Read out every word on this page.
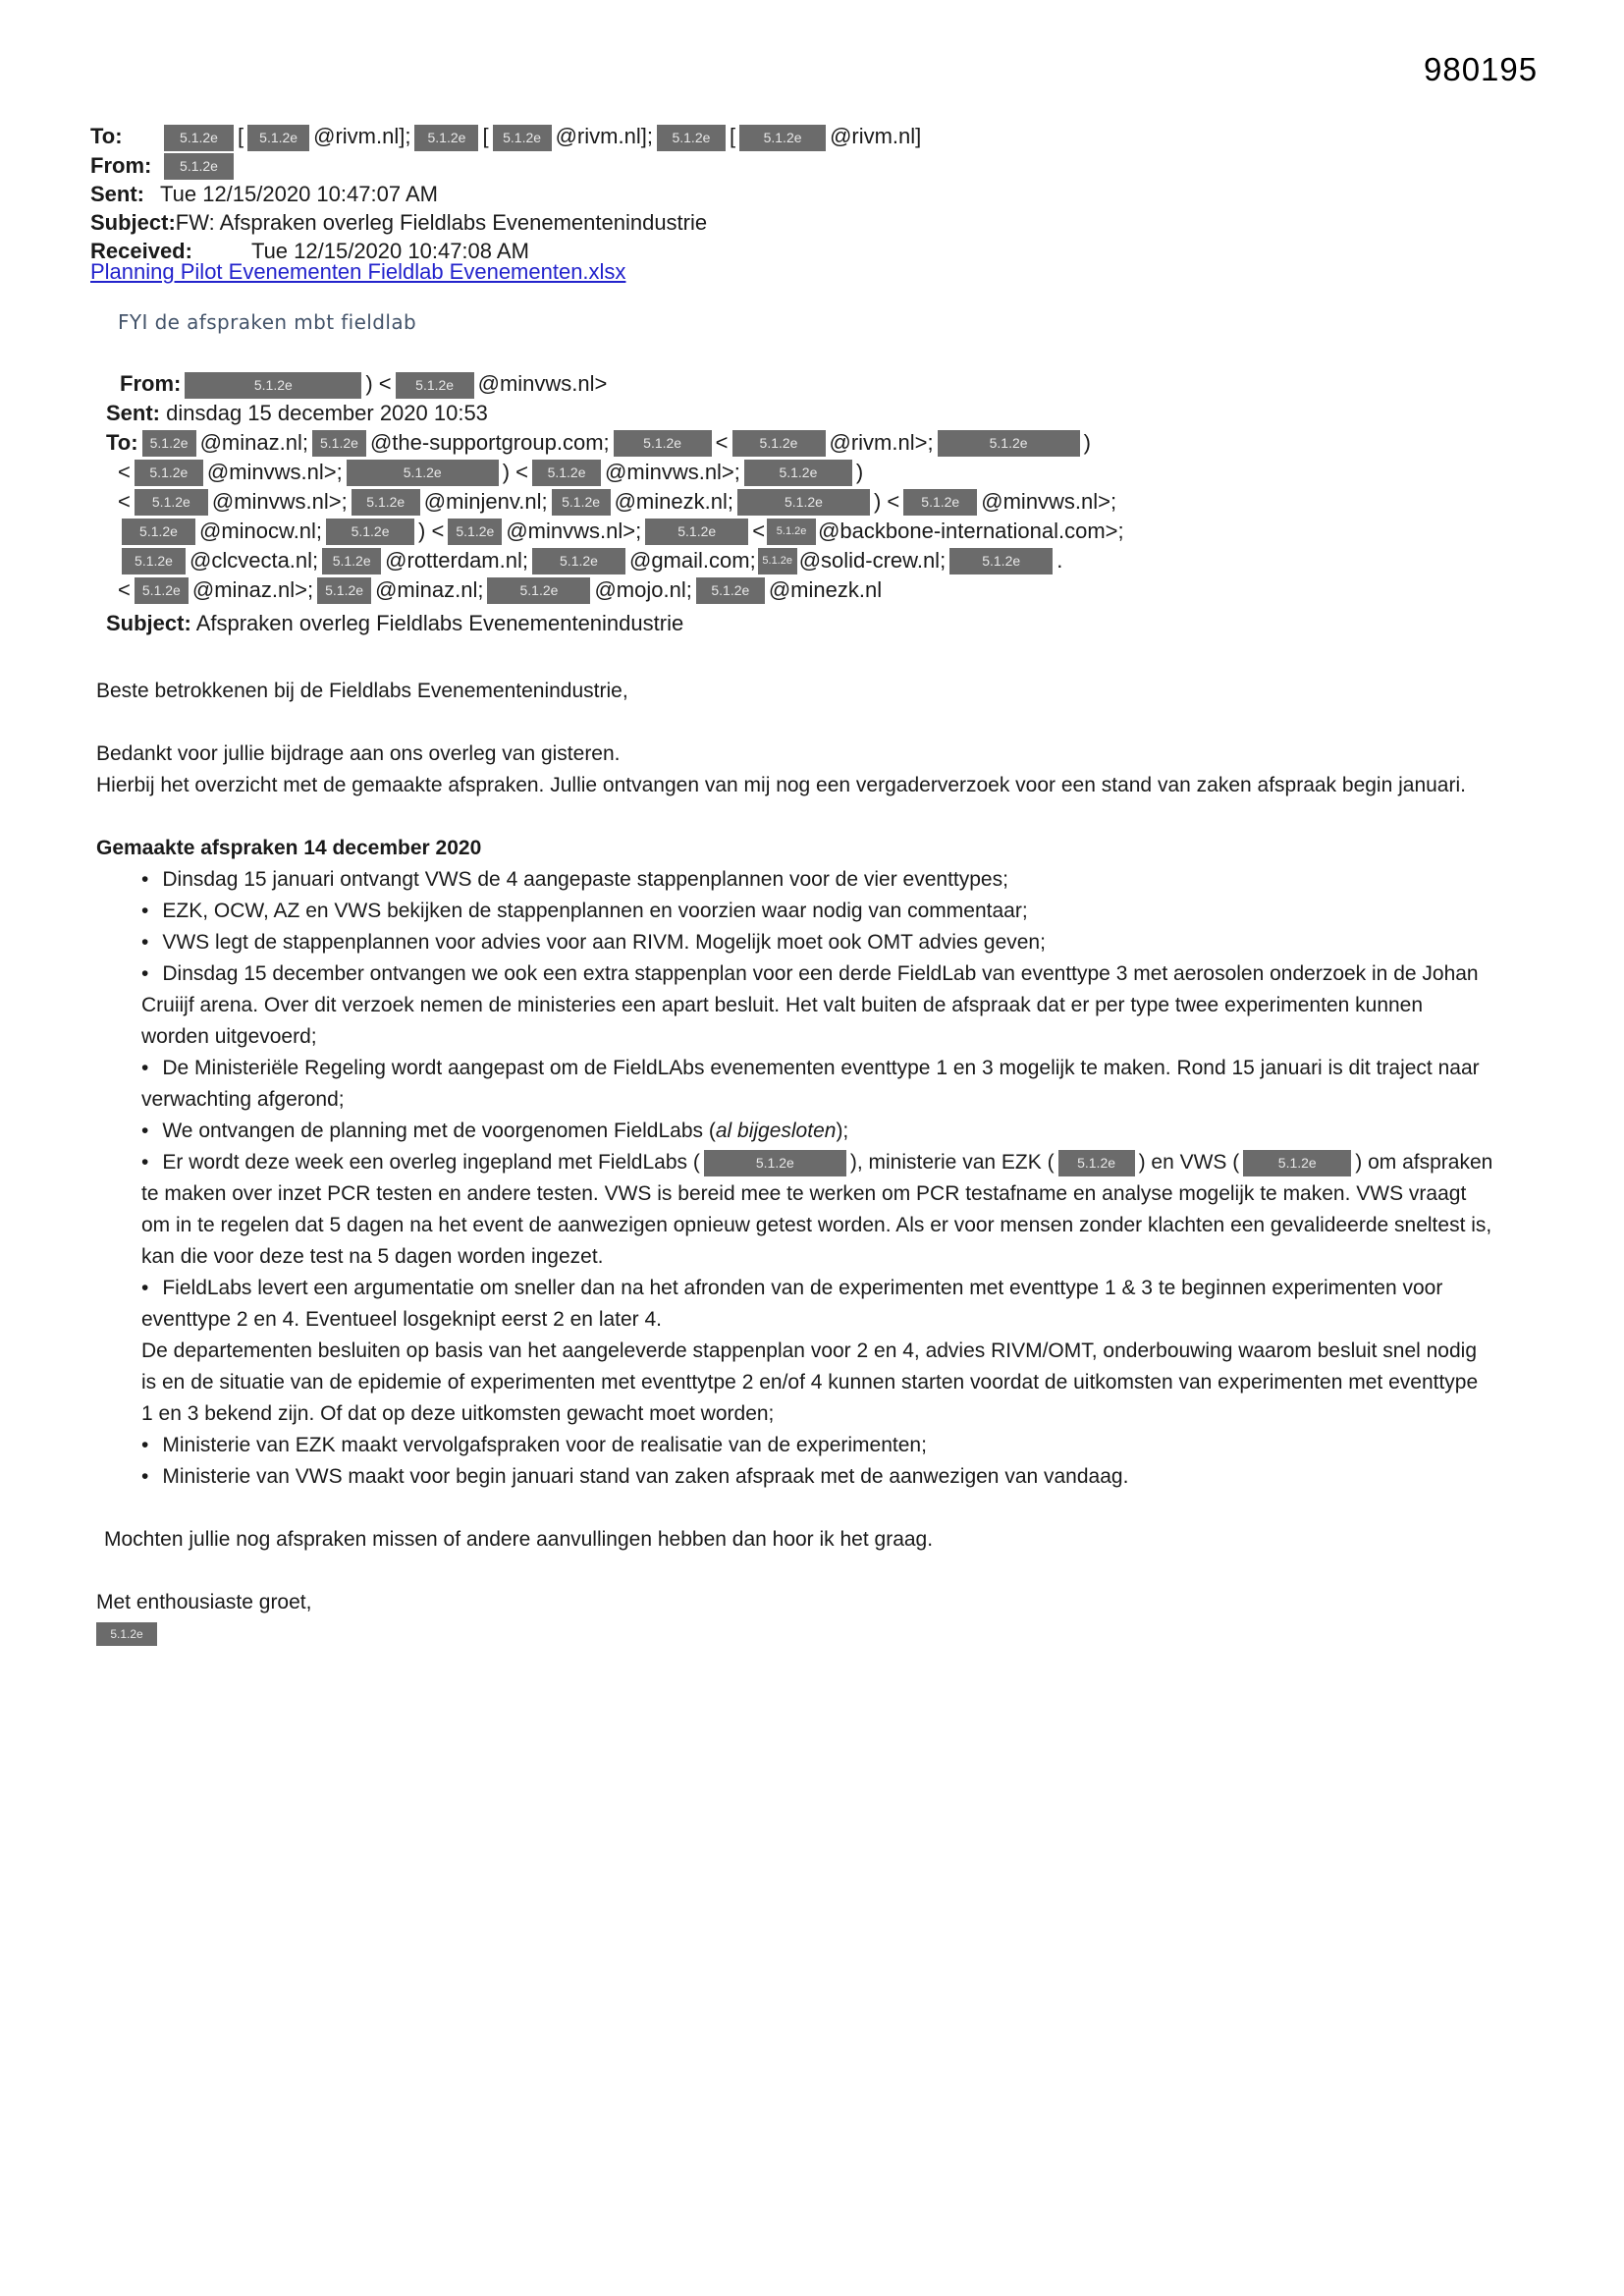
980195
To:	5.1.2e [ 5.1.2e @rivm.nl]; 5.1.2e [ 5.1.2e @rivm.nl]; 5.1.2e [ 5.1.2e @rivm.nl]
From:	5.1.2e
Sent: Tue 12/15/2020 10:47:07 AM
Subject: FW: Afspraken overleg Fieldlabs Evenementenindustrie
Received:	Tue 12/15/2020 10:47:08 AM
Planning Pilot Evenementen Fieldlab Evenementen.xlsx
FYI de afspraken mbt fieldlab
From:	5.1.2e	) < 5.1.2e @minvws.nl>
Sent: dinsdag 15 december 2020 10:53
To: 5.1.2e @minaz.nl; 5.1.2e @the-supportgroup.com;	5.1.2e	<	5.1.2e	@rivm.nl>;	5.1.2e	)
<	5.1.2e @minvws.nl>;	5.1.2e	) <	5.1.2e @minvws.nl>;	5.1.2e	)
<	5.1.2e	@minvws.nl>;	5.1.2e @minjenv.nl;	5.1.2e @minezk.nl;	5.1.2e	) <	5.1.2e	@minvws.nl>;
5.1.2e	@minocw.nl;	5.1.2e	) < 5.1.2e @minvws.nl>;	5.1.2e	<	5.1.2e @backbone-international.com>;
5.1.2e @clcvecta.nl;	5.1.2e @rotterdam.nl;	5.1.2e	@gmail.com; 5.1.2e @solid-crew.nl;	5.1.2e	.
< 5.1.2e @minaz.nl>; 5.1.2e @minaz.nl;	5.1.2e	@mojo.nl;	5.1.2e @minezk.nl
Subject: Afspraken overleg Fieldlabs Evenementenindustrie
Beste betrokkenen bij de Fieldlabs Evenementenindustrie,
Bedankt voor jullie bijdrage aan ons overleg van gisteren.
Hierbij het overzicht met de gemaakte afspraken. Jullie ontvangen van mij nog een vergaderverzoek voor een stand van zaken afspraak begin januari.
Gemaakte afspraken 14 december 2020
• Dinsdag 15 januari ontvangt VWS de 4 aangepaste stappenplannen voor de vier eventtypes;
• EZK, OCW, AZ en VWS bekijken de stappenplannen en voorzien waar nodig van commentaar;
• VWS legt de stappenplannen voor advies voor aan RIVM. Mogelijk moet ook OMT advies geven;
• Dinsdag 15 december ontvangen we ook een extra stappenplan voor een derde FieldLab van eventtype 3 met aerosolen onderzoek in de Johan Cruiijf arena. Over dit verzoek nemen de ministeries een apart besluit. Het valt buiten de afspraak dat er per type twee experimenten kunnen worden uitgevoerd;
• De Ministeriële Regeling wordt aangepast om de FieldLAbs evenementen eventtype 1 en 3 mogelijk te maken. Rond 15 januari is dit traject naar verwachting afgerond;
• We ontvangen de planning met de voorgenomen FieldLabs (al bijgesloten);
• Er wordt deze week een overleg ingepland met FieldLabs (	5.1.2e	), ministerie van EZK ( 5.1.2e ) en VWS (	5.1.2e ) om afspraken te maken over inzet PCR testen en andere testen. VWS is bereid mee te werken om PCR testafname en analyse mogelijk te maken. VWS vraagt om in te regelen dat 5 dagen na het event de aanwezigen opnieuw getest worden. Als er voor mensen zonder klachten een gevalideerde sneltest is, kan die voor deze test na 5 dagen worden ingezet.
• FieldLabs levert een argumentatie om sneller dan na het afronden van de experimenten met eventtype 1 & 3 te beginnen experimenten voor eventtype 2 en 4. Eventueel losgeknipt eerst 2 en later 4.
De departementen besluiten op basis van het aangeleverde stappenplan voor 2 en 4, advies RIVM/OMT, onderbouwing waarom besluit snel nodig is en de situatie van de epidemie of experimenten met eventtytpe 2 en/of 4 kunnen starten voordat de uitkomsten van experimenten met eventtype 1 en 3 bekend zijn. Of dat op deze uitkomsten gewacht moet worden;
• Ministerie van EZK maakt vervolgafspraken voor de realisatie van de experimenten;
• Ministerie van VWS maakt voor begin januari stand van zaken afspraak met de aanwezigen van vandaag.
Mochten jullie nog afspraken missen of andere aanvullingen hebben dan hoor ik het graag.
Met enthousiaste groet,
5.1.2e
